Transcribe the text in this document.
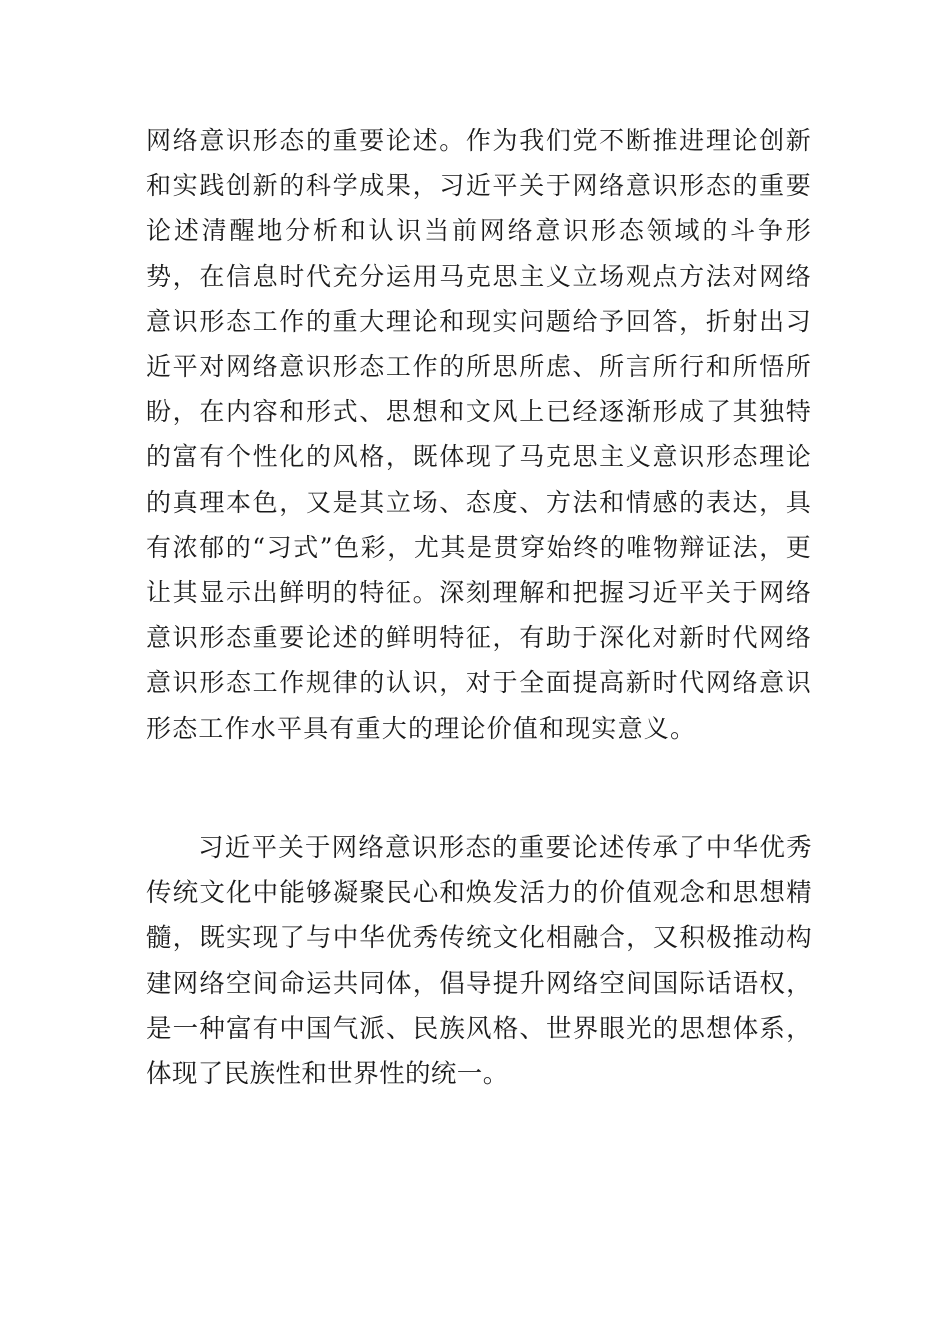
网络意识形态的重要论述。作为我们党不断推进理论创新和实践创新的科学成果，习近平关于网络意识形态的重要论述清醒地分析和认识当前网络意识形态领域的斗争形势，在信息时代充分运用马克思主义立场观点方法对网络意识形态工作的重大理论和现实问题给予回答，折射出习近平对网络意识形态工作的所思所虑、所言所行和所悟所盼，在内容和形式、思想和文风上已经逐渐形成了其独特的富有个性化的风格，既体现了马克思主义意识形态理论的真理本色，又是其立场、态度、方法和情感的表达，具有浓郁的“习式”色彩，尤其是贯穿始终的唯物辩证法，更让其显示出鲜明的特征。深刻理解和把握习近平关于网络意识形态重要论述的鲜明特征，有助于深化对新时代网络意识形态工作规律的认识，对于全面提高新时代网络意识形态工作水平具有重大的理论价值和现实意义。

习近平关于网络意识形态的重要论述传承了中华优秀传统文化中能够凝聚民心和焕发活力的价值观念和思想精髓，既实现了与中华优秀传统文化相融合，又积极推动构建网络空间命运共同体，倡导提升网络空间国际话语权，是一种富有中国气派、民族风格、世界眼光的思想体系，体现了民族性和世界性的统一。
